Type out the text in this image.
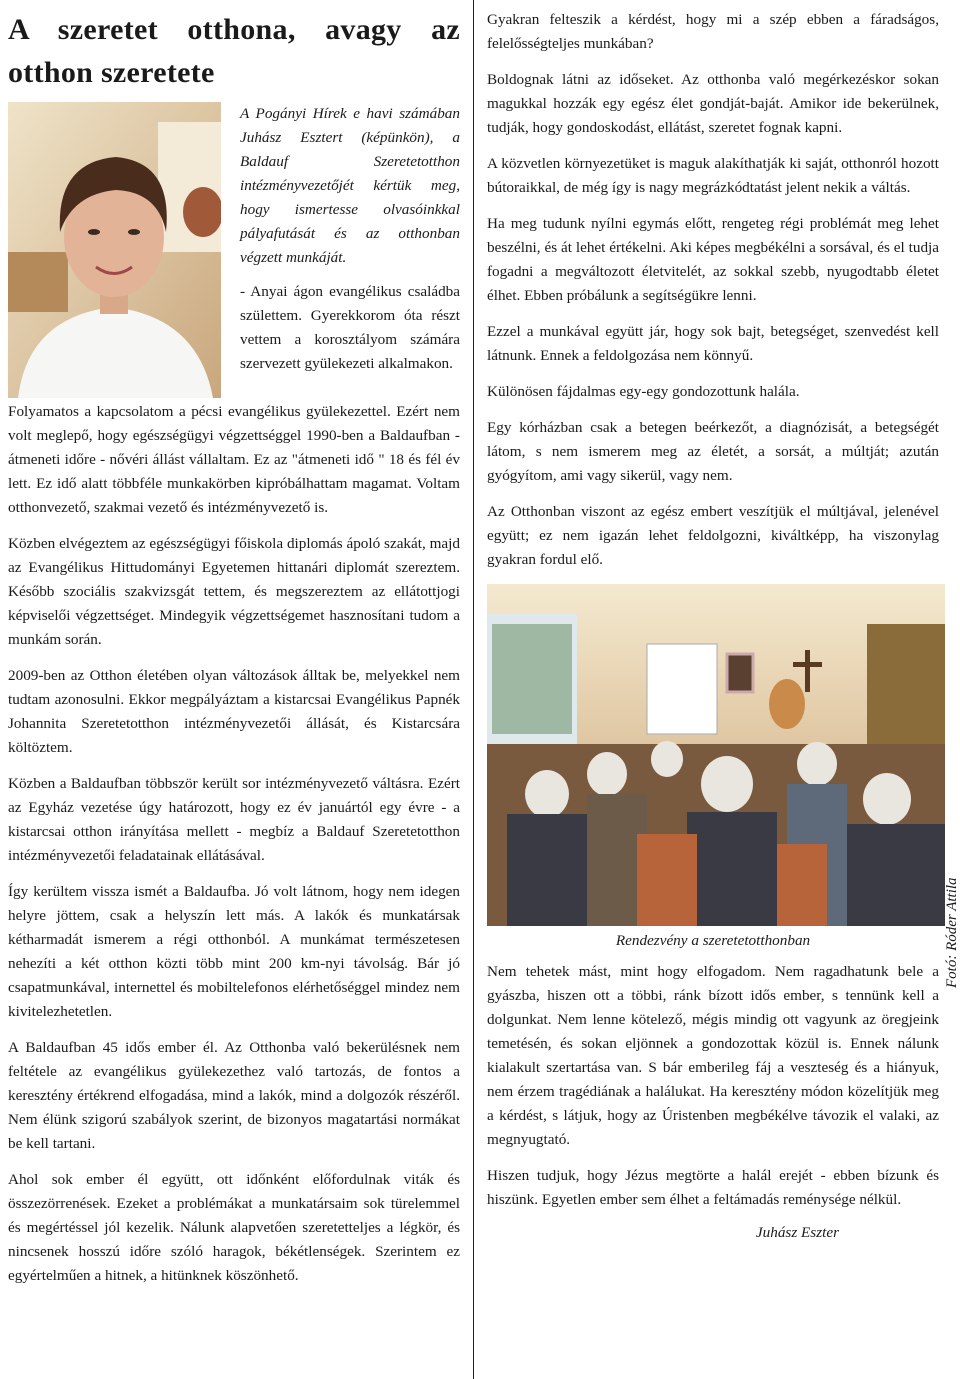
A szeretet otthona, avagy az otthon szeretete

A Pogányi Hírek e havi számában Juhász Esztert (képünkön), a Baldauf Szeretetotthon intézményvezetőjét kértük meg, hogy ismertesse olvasóinkkal pályafutását és az otthonban végzett munkáját.

- Anyai ágon evangélikus családba születtem. Gyerekkorom óta részt vettem a korosztályom számára szervezett gyülekezeti alkalmakon.

Folyamatos a kapcsolatom a pécsi evangélikus gyülekezettel. Ezért nem volt meglepő, hogy egészségügyi végzettséggel 1990-ben a Baldaufban - átmeneti időre - nővéri állást vállaltam. Ez az "átmeneti idő " 18 és fél év lett. Ez idő alatt többféle munkakörben kipróbálhattam magamat. Voltam otthonvezető, szakmai vezető és intézményvezető is.

Közben elvégeztem az egészségügyi főiskola diplomás ápoló szakát, majd az Evangélikus Hittudományi Egyetemen hittanári diplomát szereztem. Később szociális szakvizsgát tettem, és megszereztem az ellátottjogi képviselői végzettséget. Mindegyik végzettségemet hasznosítani tudom a munkám során.

2009-ben az Otthon életében olyan változások álltak be, melyekkel nem tudtam azonosulni. Ekkor megpályáztam a kistarcsai Evangélikus Papnék Johannita Szeretetotthon intézményvezetői állását, és Kistarcsára költöztem.

Közben a Baldaufban többször került sor intézményvezető váltásra. Ezért az Egyház vezetése úgy határozott, hogy ez év januártól egy évre - a kistarcsai otthon irányítása mellett - megbíz a Baldauf Szeretetotthon intézményvezetői feladatainak ellátásával.

Így kerültem vissza ismét a Baldaufba. Jó volt látnom, hogy nem idegen helyre jöttem, csak a helyszín lett más. A lakók és munkatársak kétharmadát ismerem a régi otthonból. A munkámat természetesen nehezíti a két otthon közti több mint 200 km-nyi távolság. Bár jó csapatmunkával, internettel és mobiltelefonos elérhetőséggel mindez nem kivitelezhetetlen.

A Baldaufban 45 idős ember él. Az Otthonba való bekerülésnek nem feltétele az evangélikus gyülekezethez való tartozás, de fontos a keresztény értékrend elfogadása, mind a lakók, mind a dolgozók részéről. Nem élünk szigorú szabályok szerint, de bizonyos magatartási normákat be kell tartani.

Ahol sok ember él együtt, ott időnként előfordulnak viták és összezörrenések. Ezeket a problémákat a munkatársaim sok türelemmel és megértéssel jól kezelik. Nálunk alapvetően szeretetteljes a légkör, és nincsenek hosszú időre szóló haragok, békétlenségek. Szerintem ez egyértelműen a hitnek, a hitünknek köszönhető.

Gyakran felteszik a kérdést, hogy mi a szép ebben a fáradságos, felelősségteljes munkában?

Boldognak látni az időseket. Az otthonba való megérkezéskor sokan magukkal hozzák egy egész élet gondját-baját. Amikor ide bekerülnek, tudják, hogy gondoskodást, ellátást, szeretet fognak kapni.

A közvetlen környezetüket is maguk alakíthatják ki saját, otthonról hozott bútoraikkal, de még így is nagy megrázkódtatást jelent nekik a váltás.

Ha meg tudunk nyílni egymás előtt, rengeteg régi problémát meg lehet beszélni, és át lehet értékelni. Aki képes megbékélni a sorsával, és el tudja fogadni a megváltozott életvitelét, az sokkal szebb, nyugodtabb életet élhet. Ebben próbálunk a segítségükre lenni.

Ezzel a munkával együtt jár, hogy sok bajt, betegséget, szenvedést kell látnunk. Ennek a feldolgozása nem könnyű.

Különösen fájdalmas egy-egy gondozottunk halála.

Egy kórházban csak a betegen beérkezőt, a diagnózisát, a betegségét látom, s nem ismerem meg az életét, a sorsát, a múltját; azután gyógyítom, ami vagy sikerül, vagy nem.

Az Otthonban viszont az egész embert veszítjük el múltjával, jelenével együtt; ez nem igazán lehet feldolgozni, kiváltképp, ha viszonylag gyakran fordul elő.

Rendezvény a szeretetotthonban

Nem tehetek mást, mint hogy elfogadom. Nem ragadhatunk bele a gyászba, hiszen ott a többi, ránk bízott idős ember, s tennünk kell a dolgunkat. Nem lenne kötelező, mégis mindig ott vagyunk az öregjeink temetésén, és sokan eljönnek a gondozottak közül is. Ennek nálunk kialakult szertartása van. S bár emberileg fáj a veszteség és a hiányuk, nem érzem tragédiának a halálukat. Ha keresztény módon közelítjük meg a kérdést, s látjuk, hogy az Úristenben megbékélve távozik el valaki, az megnyugtató.

Hiszen tudjuk, hogy Jézus megtörte a halál erejét - ebben bízunk és hiszünk. Egyetlen ember sem élhet a feltámadás reménysége nélkül.

Juhász Eszter
Fotó: Róder Attila
